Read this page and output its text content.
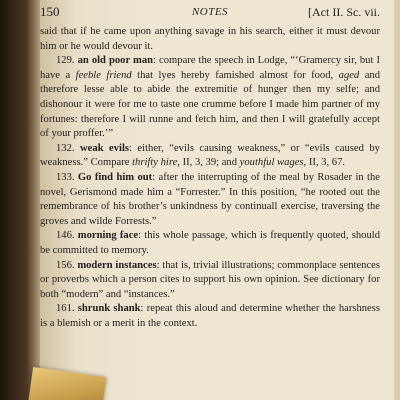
150	NOTES	[Act II. Sc. vii.

said that if he came upon anything savage in his search, either it must devour him or he would devour it.

129. an old poor man: compare the speech in Lodge, “‘Gramercy sir, but I have a feeble friend that lyes hereby famished almost for food, aged and therefore lesse able to abide the extremitie of hunger then my selfe; and dishonour it were for me to taste one crumme before I made him partner of my fortunes: therefore I will runne and fetch him, and then I will gratefully accept of your proffer.’”

132. weak evils: either, “evils causing weakness,” or “evils caused by weakness.” Compare thrifty hire, II, 3, 39; and youthful wages, II, 3, 67.

133. Go find him out: after the interrupting of the meal by Rosader in the novel, Gerismond made him a “Forrester.” In this position, “he rooted out the remembrance of his brother’s unkindness by continuall exercise, traversing the groves and wilde Forrests.”

146. morning face: this whole passage, which is frequently quoted, should be committed to memory.

156. modern instances: that is, trivial illustrations; commonplace sentences or proverbs which a person cites to support his own opinion. See dictionary for both “modern” and “instances.”

161. shrunk shank: repeat this aloud and determine whether the harshness is a blemish or a merit in the context.
